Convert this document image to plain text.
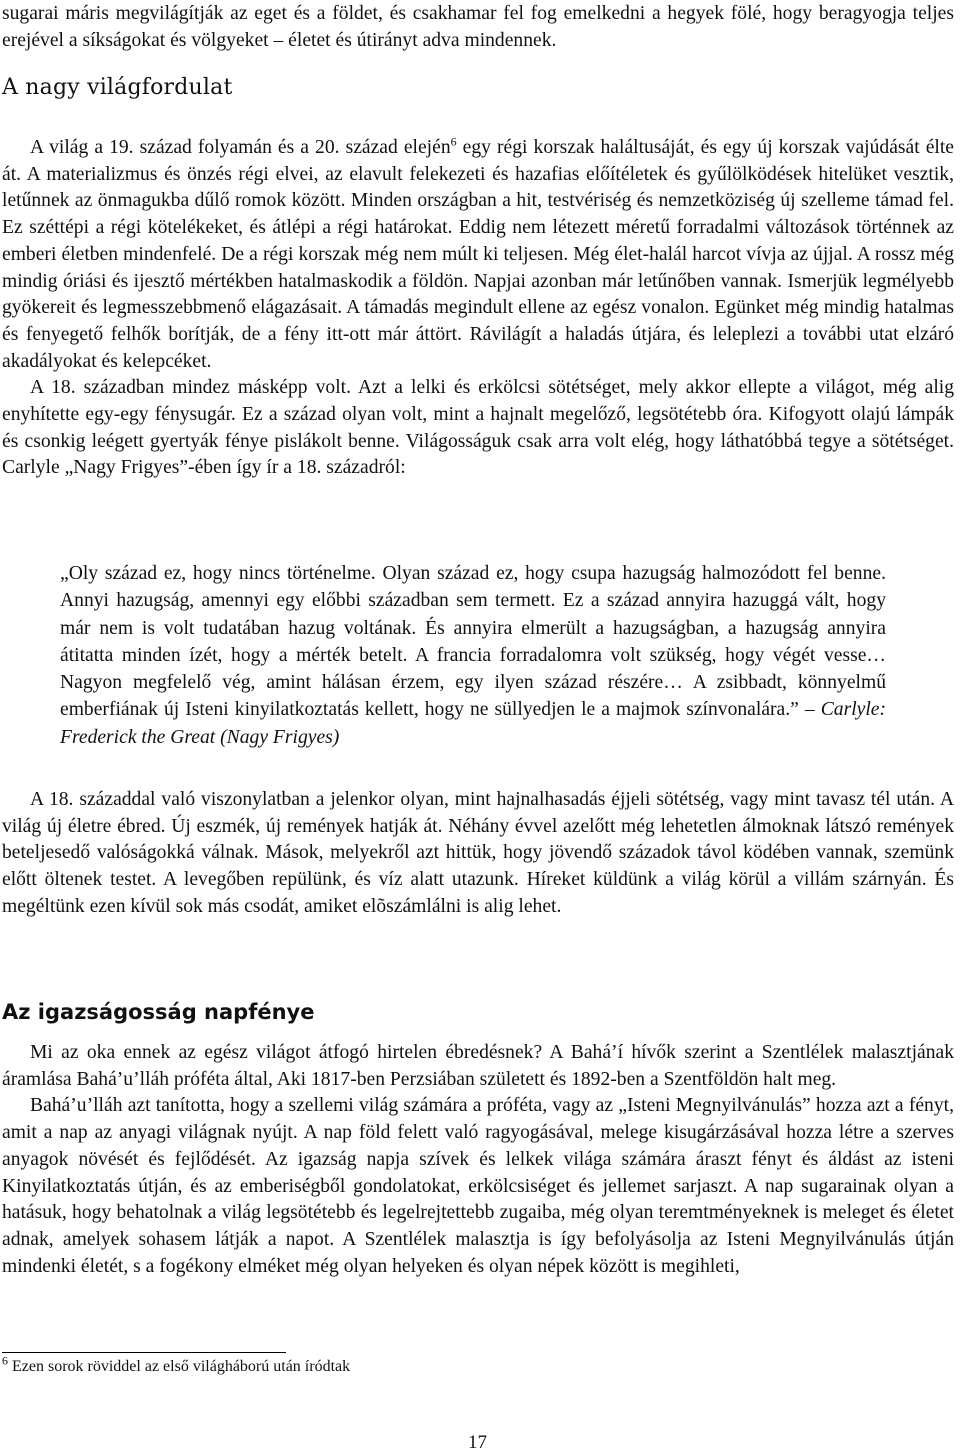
sugarai máris megvilágítják az eget és a földet, és csakhamar fel fog emelkedni a hegyek fölé, hogy beragyogja teljes erejével a síkságokat és völgyeket – életet és útirányt adva mindennek.

A nagy világfordulat

A világ a 19. század folyamán és a 20. század elején$^6$ egy régi korszak haláltusáját, és egy új korszak vajúdását élte át. A materializmus és önzés régi elvei, az elavult felekezeti és hazafias előítéletek és gyűlölködések hitelüket vesztik, letűnnek az önmagukba dűlő romok között. Minden országban a hit, testvériség és nemzetköziség új szelleme támad fel. Ez széttépi a régi kötelékeket, és átlépi a régi határokat. Eddig nem létezett méretű forradalmi változások történnek az emberi életben mindenfelé. De a régi korszak még nem múlt ki teljesen. Még élet-halál harcot vívja az újjal. A rossz még mindig óriási és ijesztő mértékben hatalmaskodik a földön. Napjai azonban már letűnőben vannak. Ismerjük legmélyebb gyökereit és legmesszebbmenő elágazásait. A támadás megindult ellene az egész vonalon. Egünket még mindig hatalmas és fenyegető felhők borítják, de a fény itt-ott már áttört. Rávilágít a haladás útjára, és leleplezi a további utat elzáró akadályokat és kelepcéket.

A 18. században mindez másképp volt. Azt a lelki és erkölcsi sötétséget, mely akkor ellepte a világot, még alig enyhítette egy-egy fénysugár. Ez a század olyan volt, mint a hajnalt megelőző, legsötétebb óra. Kifogyott olajú lámpák és csonkig leégett gyertyák fénye pislákolt benne. Világosságuk csak arra volt elég, hogy láthatóbbá tegye a sötétséget. Carlyle „Nagy Frigyes”-ében így ír a 18. századról:

„Oly század ez, hogy nincs történelme. Olyan század ez, hogy csupa hazugság halmozódott fel benne. Annyi hazugság, amennyi egy előbbi században sem termett. Ez a század annyira hazuggá vált, hogy már nem is volt tudatában hazug voltának. És annyira elmerült a hazugságban, a hazugság annyira átitatta minden ízét, hogy a mérték betelt. A francia forradalomra volt szükség, hogy végét vesse… Nagyon megfelelő vég, amint hálásan érzem, egy ilyen század részére… A zsibbadt, könnyelmű emberfiának új Isteni kinyilatkoztatás kellett, hogy ne süllyedjen le a majmok színvonalára.” – Carlyle: Frederick the Great (Nagy Frigyes)

A 18. századdal való viszonylatban a jelenkor olyan, mint hajnalhasadás éjjeli sötétség, vagy mint tavasz tél után. A világ új életre ébred. Új eszmék, új remények hatják át. Néhány évvel azelőtt még lehetetlen álmoknak látszó remények beteljesedő valóságokká válnak. Mások, melyekről azt hittük, hogy jövendő századok távol ködében vannak, szemünk előtt öltenek testet. A levegőben repülünk, és víz alatt utazunk. Híreket küldünk a világ körül a villám szárnyán. És megéltünk ezen kívül sok más csodát, amiket elõszámlálni is alig lehet.

Az igazságosság napfénye

Mi az oka ennek az egész világot átfogó hirtelen ébredésnek? A Bahá’í hívők szerint a Szentlélek malasztjának áramlása Bahá’u’lláh próféta által, Aki 1817-ben Perzsiában született és 1892-ben a Szentföldön halt meg.

Bahá’u’lláh azt tanította, hogy a szellemi világ számára a próféta, vagy az „Isteni Megnyilvánulás” hozza azt a fényt, amit a nap az anyagi világnak nyújt. A nap föld felett való ragyogásával, melege kisugárzásával hozza létre a szerves anyagok növését és fejlődését. Az igazság napja szívek és lelkek világa számára áraszt fényt és áldást az isteni Kinyilatkoztatás útján, és az emberiségből gondolatokat, erkölcsiséget és jellemet sarjaszt. A nap sugarainak olyan a hatásuk, hogy behatolnak a világ legsötétebb és legelrejtettebb zugaiba, még olyan teremtményeknek is meleget és életet adnak, amelyek sohasem látják a napot. A Szentlélek malasztja is így befolyásolja az Isteni Megnyilvánulás útján mindenki életét, s a fogékony elméket még olyan helyeken és olyan népek között is megihleti,

$^6$ Ezen sorok röviddel az első világháború után íródtak
17
